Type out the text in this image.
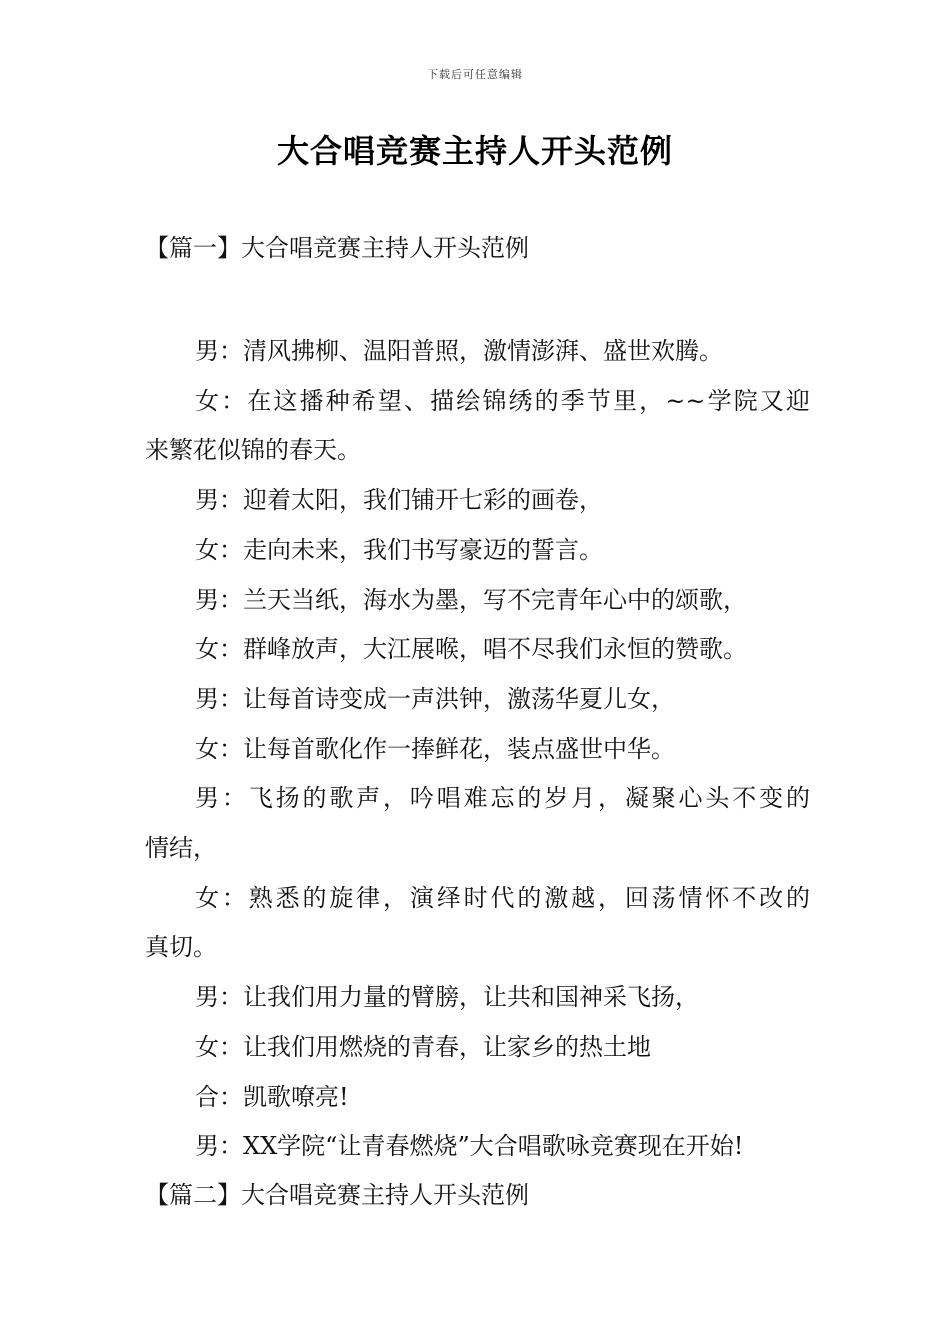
下载后可任意编辑
大合唱竞赛主持人开头范例
【篇一】大合唱竞赛主持人开头范例
男：清风拂柳、温阳普照，激情澎湃、盛世欢腾。
女：在这播种希望、描绘锦绣的季节里，~~学院又迎
来繁花似锦的春天。
男：迎着太阳，我们铺开七彩的画卷，
女：走向未来，我们书写豪迈的誓言。
男：兰天当纸，海水为墨，写不完青年心中的颂歌，
女：群峰放声，大江展喉，唱不尽我们永恒的赞歌。
男：让每首诗变成一声洪钟，激荡华夏儿女，
女：让每首歌化作一捧鲜花，装点盛世中华。
男：飞扬的歌声，吟唱难忘的岁月，凝聚心头不变的
情结，
女：熟悉的旋律，演绎时代的激越，回荡情怀不改的
真切。
男：让我们用力量的臂膀，让共和国神采飞扬，
女：让我们用燃烧的青春，让家乡的热土地
合：凯歌嘹亮!
男：XX学院“让青春燃烧”大合唱歌咏竞赛现在开始!
【篇二】大合唱竞赛主持人开头范例
